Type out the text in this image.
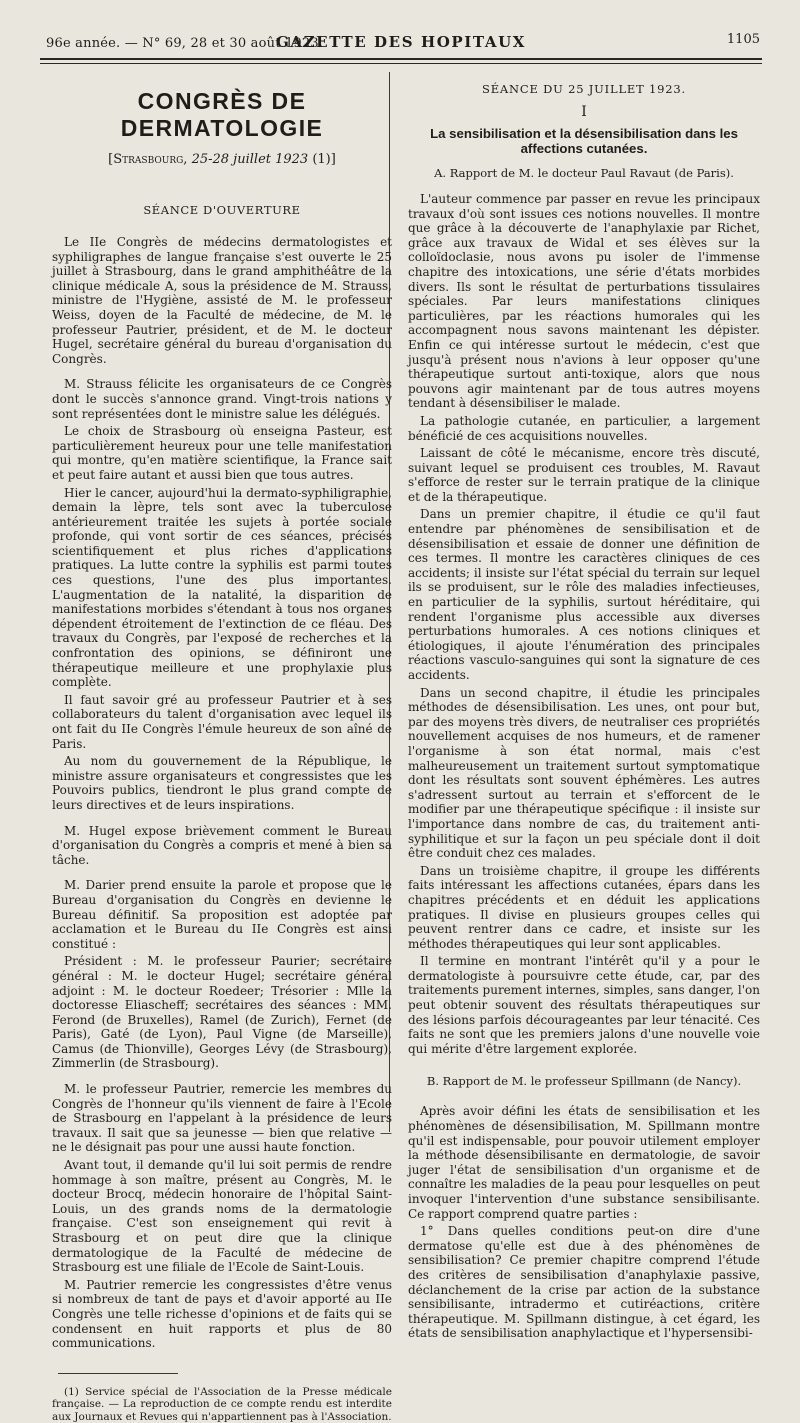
96e année. — N° 69, 28 et 30 août 1923.
GAZETTE DES HOPITAUX	1105
CONGRÈS DE DERMATOLOGIE
[Strasbourg, 25-28 juillet 1923 (1)]
SÉANCE D'OUVERTURE

Le IIe Congrès de médecins dermatologistes et syphiligraphes de langue française s'est ouverte le 25 juillet à Strasbourg, dans le grand amphithéâtre de la clinique médicale A, sous la présidence de M. Strauss, ministre de l'Hygiène, assisté de M. le professeur Weiss, doyen de la Faculté de médecine, de M. le professeur Pautrier, président, et de M. le docteur Hugel, secrétaire général du bureau d'organisation du Congrès.

M. Strauss félicite les organisateurs de ce Congrès dont le succès s'annonce grand. Vingt-trois nations y sont représentées dont le ministre salue les délégués.

Le choix de Strasbourg où enseigna Pasteur, est particulièrement heureux pour une telle manifestation qui montre, qu'en matière scientifique, la France sait et peut faire autant et aussi bien que tous autres.

Hier le cancer, aujourd'hui la dermato-syphiligraphie, demain la lèpre, tels sont avec la tuberculose antérieurement traitée les sujets à portée sociale profonde, qui vont sortir de ces séances, précisés scientifiquement et plus riches d'applications pratiques. La lutte contre la syphilis est parmi toutes ces questions, l'une des plus importantes. L'augmentation de la natalité, la disparition de manifestations morbides s'étendant à tous nos organes dépendent étroitement de l'extinction de ce fléau. Des travaux du Congrès, par l'exposé de recherches et la confrontation des opinions, se définiront une thérapeutique meilleure et une prophylaxie plus complète.

Il faut savoir gré au professeur Pautrier et à ses collaborateurs du talent d'organisation avec lequel ils ont fait du IIe Congrès l'émule heureux de son aîné de Paris.

Au nom du gouvernement de la République, le ministre assure organisateurs et congressistes que les Pouvoirs publics, tiendront le plus grand compte de leurs directives et de leurs inspirations.

M. Hugel expose brièvement comment le Bureau d'organisation du Congrès a compris et mené à bien sa tâche.

M. Darier prend ensuite la parole et propose que le Bureau d'organisation du Congrès en devienne le Bureau définitif. Sa proposition est adoptée par acclamation et le Bureau du IIe Congrès est ainsi constitué :

Président : M. le professeur Paurier; secrétaire général : M. le docteur Hugel; secrétaire général adjoint : M. le docteur Roedeer; Trésorier : Mlle la doctoresse Eliascheff; secrétaires des séances : MM. Ferond (de Bruxelles), Ramel (de Zurich), Fernet (de Paris), Gaté (de Lyon), Paul Vigne (de Marseille), Camus (de Thionville), Georges Lévy (de Strasbourg), Zimmerlin (de Strasbourg).

M. le professeur Pautrier, remercie les membres du Congrès de l'honneur qu'ils viennent de faire à l'Ecole de Strasbourg en l'appelant à la présidence de leurs travaux. Il sait que sa jeunesse — bien que relative — ne le désignait pas pour une aussi haute fonction.

Avant tout, il demande qu'il lui soit permis de rendre hommage à son maître, présent au Congrès, M. le docteur Brocq, médecin honoraire de l'hôpital Saint-Louis, un des grands noms de la dermatologie française. C'est son enseignement qui revit à Strasbourg et on peut dire que la clinique dermatologique de la Faculté de médecine de Strasbourg est une filiale de l'Ecole de Saint-Louis.

M. Pautrier remercie les congressistes d'être venus si nombreux de tant de pays et d'avoir apporté au IIe Congrès une telle richesse d'opinions et de faits qui se condensent en huit rapports et plus de 80 communications.

(1) Service spécial de l'Association de la Presse médicale française. — La reproduction de ce compte rendu est interdite aux Journaux et Revues qui n'appartiennent pas à l'Association.

SÉANCE DU 25 JUILLET 1923.
I
La sensibilisation et la désensibilisation dans les affections cutanées.
A. Rapport de M. le docteur Paul Ravaut (de Paris).

L'auteur commence par passer en revue les principaux travaux d'où sont issues ces notions nouvelles. Il montre que grâce à la découverte de l'anaphylaxie par Richet, grâce aux travaux de Widal et ses élèves sur la colloïdoclasie, nous avons pu isoler de l'immense chapitre des intoxications, une série d'états morbides divers. Ils sont le résultat de perturbations tissulaires spéciales. Par leurs manifestations cliniques particulières, par les réactions humorales qui les accompagnent nous savons maintenant les dépister. Enfin ce qui intéresse surtout le médecin, c'est que jusqu'à présent nous n'avions à leur opposer qu'une thérapeutique surtout anti-toxique, alors que nous pouvons agir maintenant par de tous autres moyens tendant à désensibiliser le malade.

La pathologie cutanée, en particulier, a largement bénéficié de ces acquisitions nouvelles.

Laissant de côté le mécanisme, encore très discuté, suivant lequel se produisent ces troubles, M. Ravaut s'efforce de rester sur le terrain pratique de la clinique et de la thérapeutique.

Dans un premier chapitre, il étudie ce qu'il faut entendre par phénomènes de sensibilisation et de désensibilisation et essaie de donner une définition de ces termes. Il montre les caractères cliniques de ces accidents; il insiste sur l'état spécial du terrain sur lequel ils se produisent, sur le rôle des maladies infectieuses, en particulier de la syphilis, surtout héréditaire, qui rendent l'organisme plus accessible aux diverses perturbations humorales. A ces notions cliniques et étiologiques, il ajoute l'énumération des principales réactions vasculo-sanguines qui sont la signature de ces accidents.

Dans un second chapitre, il étudie les principales méthodes de désensibilisation. Les unes, ont pour but, par des moyens très divers, de neutraliser ces propriétés nouvellement acquises de nos humeurs, et de ramener l'organisme à son état normal, mais c'est malheureusement un traitement surtout symptomatique dont les résultats sont souvent éphémères. Les autres s'adressent surtout au terrain et s'efforcent de le modifier par une thérapeutique spécifique : il insiste sur l'importance dans nombre de cas, du traitement anti-syphilitique et sur la façon un peu spéciale dont il doit être conduit chez ces malades.

Dans un troisième chapitre, il groupe les différents faits intéressant les affections cutanées, épars dans les chapitres précédents et en déduit les applications pratiques. Il divise en plusieurs groupes celles qui peuvent rentrer dans ce cadre, et insiste sur les méthodes thérapeutiques qui leur sont applicables.

Il termine en montrant l'intérêt qu'il y a pour le dermatologiste à poursuivre cette étude, car, par des traitements purement internes, simples, sans danger, l'on peut obtenir souvent des résultats thérapeutiques sur des lésions parfois décourageantes par leur ténacité. Ces faits ne sont que les premiers jalons d'une nouvelle voie qui mérite d'être largement explorée.

B. Rapport de M. le professeur Spillmann (de Nancy).

Après avoir défini les états de sensibilisation et les phénomènes de désensibilisation, M. Spillmann montre qu'il est indispensable, pour pouvoir utilement employer la méthode désensibilisante en dermatologie, de savoir juger l'état de sensibilisation d'un organisme et de connaître les maladies de la peau pour lesquelles on peut invoquer l'intervention d'une substance sensibilisante. Ce rapport comprend quatre parties :

1° Dans quelles conditions peut-on dire d'une dermatose qu'elle est due à des phénomènes de sensibilisation? Ce premier chapitre comprend l'étude des critères de sensibilisation d'anaphylaxie passive, déclanchement de la crise par action de la substance sensibilisante, intradermo et cutiréactions, critère thérapeutique. M. Spillmann distingue, à cet égard, les états de sensibilisation anaphylactique et l'hypersensibi-
